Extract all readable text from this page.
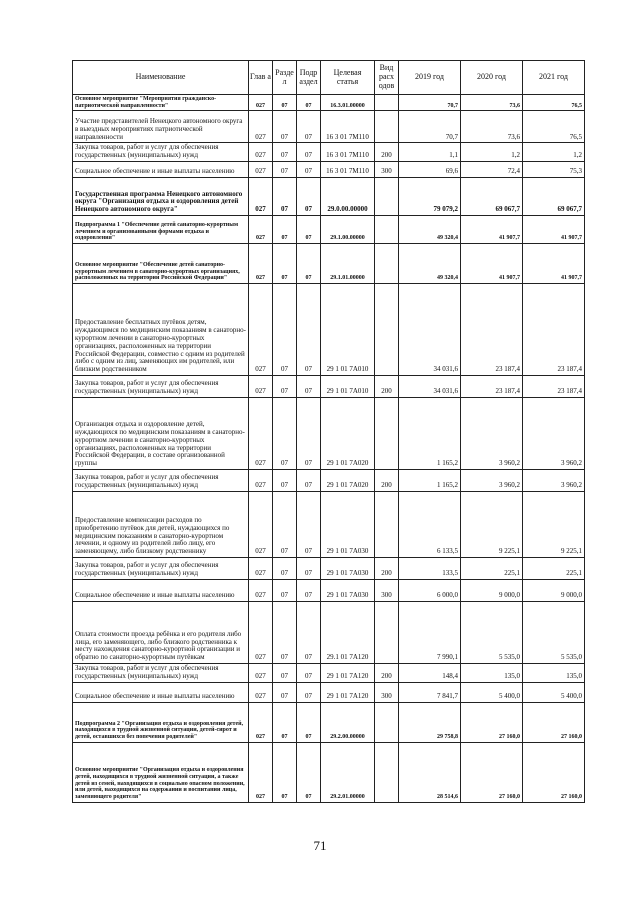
Наименование	Глав а	Разде л	Подр аздел	Целевая статья	Вид расх одов	2019 год	2020 год	2021 год
Основное мероприятие "Мероприятия гражданско-патриотической направленности"	027	07	07	16.3.01.00000		70,7	73,6	76,5
Участие представителей Ненецкого автономного округа в выездных мероприятиях патриотической направленности	027	07	07	16 3 01 7М110		70,7	73,6	76,5
Закупка товаров, работ и услуг для обеспечения государственных (муниципальных) нужд	027	07	07	16 3 01 7М110	200	1,1	1,2	1,2
Социальное обеспечение и иные выплаты населению	027	07	07	16 3 01 7М110	300	69,6	72,4	75,3
Государственная программа Ненецкого автономного округа "Организация отдыха и оздоровления детей Ненецкого автономного округа"	027	07	07	29.0.00.00000		79 079,2	69 067,7	69 067,7
Подпрограмма 1 "Обеспечение детей санаторно-курортным лечением и организованными формами отдыха и оздоровления"	027	07	07	29.1.00.00000		49 320,4	41 907,7	41 907,7
Основное мероприятие "Обеспечение детей санаторно-курортным лечением в санаторно-курортных организациях, расположенных на территории Российской Федерации"	027	07	07	29.1.01.00000		49 320,4	41 907,7	41 907,7
Предоставление бесплатных путёвок детям, нуждающимся по медицинским показаниям в санаторно-курортном лечении в санаторно-курортных организациях, расположенных на территории Российской Федерации, совместно с одним из родителей либо с одним из лиц, заменяющих им родителей, или близким родственником	027	07	07	29 1 01 7А010		34 031,6	23 187,4	23 187,4
Закупка товаров, работ и услуг для обеспечения государственных (муниципальных) нужд	027	07	07	29 1 01 7А010	200	34 031,6	23 187,4	23 187,4
Организация отдыха и оздоровление детей, нуждающихся по медицинским показаниям в санаторно-курортном лечении в санаторно-курортных организациях, расположенных на территории Российской Федерации, в составе организованной группы	027	07	07	29 1 01 7А020		1 165,2	3 960,2	3 960,2
Закупка товаров, работ и услуг для обеспечения государственных (муниципальных) нужд	027	07	07	29 1 01 7А020	200	1 165,2	3 960,2	3 960,2
Предоставление компенсации расходов по приобретению путёвок для детей, нуждающихся по медицинским показаниям в санаторно-курортном лечении, и одному из родителей либо лицу, его заменяющему, либо близкому родственнику	027	07	07	29 1 01 7А030		6 133,5	9 225,1	9 225,1
Закупка товаров, работ и услуг для обеспечения государственных (муниципальных) нужд	027	07	07	29 1 01 7А030	200	133,5	225,1	225,1
Социальное обеспечение и иные выплаты населению	027	07	07	29 1 01 7А030	300	6 000,0	9 000,0	9 000,0
Оплата стоимости проезда ребёнка и его родителя либо лица, его заменяющего, либо близкого родственника к месту нахождения санаторно-курортной организации и обратно по санаторно-курортным путёвкам	027	07	07	29.1 01 7А120		7 990,1	5 535,0	5 535,0
Закупка товаров, работ и услуг для обеспечения государственных (муниципальных) нужд	027	07	07	29 1 01 7А120	200	148,4	135,0	135,0
Социальное обеспечение и иные выплаты населению	027	07	07	29 1 01 7А120	300	7 841,7	5 400,0	5 400,0
Подпрограмма 2 "Организация отдыха и оздоровления детей, находящихся в трудной жизненной ситуации, детей-сирот и детей, оставшихся без попечения родителей"	027	07	07	29.2.00.00000		29 758,8	27 160,0	27 160,0
Основное мероприятие "Организация отдыха и оздоровления детей, находящихся в трудной жизненной ситуации, а также детей из семей, находящихся в социально опасном положении, или детей, находящихся на содержании и воспитании лица, заменяющего родителя"	027	07	07	29.2.01.00000		28 514,6	27 160,0	27 160,0
71
